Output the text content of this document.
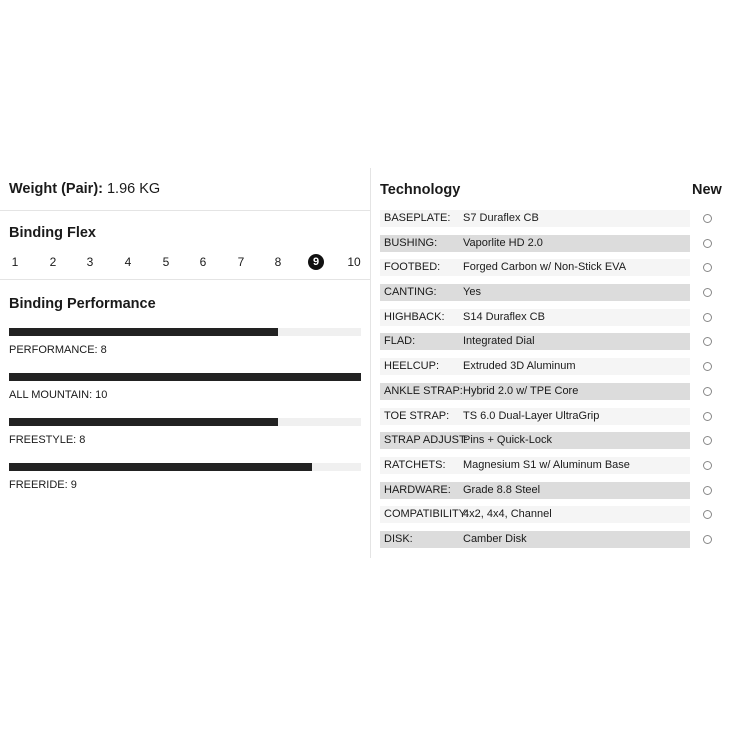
Weight (Pair): 1.96 KG
Binding Flex
1	2	3	4	5	6	7	8	9	10
Binding Performance
PERFORMANCE: 8
ALL MOUNTAIN: 10
FREESTYLE: 8
FREERIDE: 9
Technology	New
BASEPLATE: S7 Duraflex CB
BUSHING: Vaporlite HD 2.0
FOOTBED: Forged Carbon w/ Non-Stick EVA
CANTING: Yes
HIGHBACK: S14 Duraflex CB
FLAD:	Integrated Dial
HEELCUP: Extruded 3D Aluminum
ANKLE STRAP: Hybrid 2.0 w/ TPE Core
TOE STRAP: TS 6.0 Dual-Layer UltraGrip
STRAP ADJUST:
Pins + Quick-Lock
RATCHETS: Magnesium S1 w/ Aluminum Base
HARDWARE: Grade 8.8 Steel
COMPATIBILITY:
4x2, 4x4, Channel
DISK:	Camber Disk
